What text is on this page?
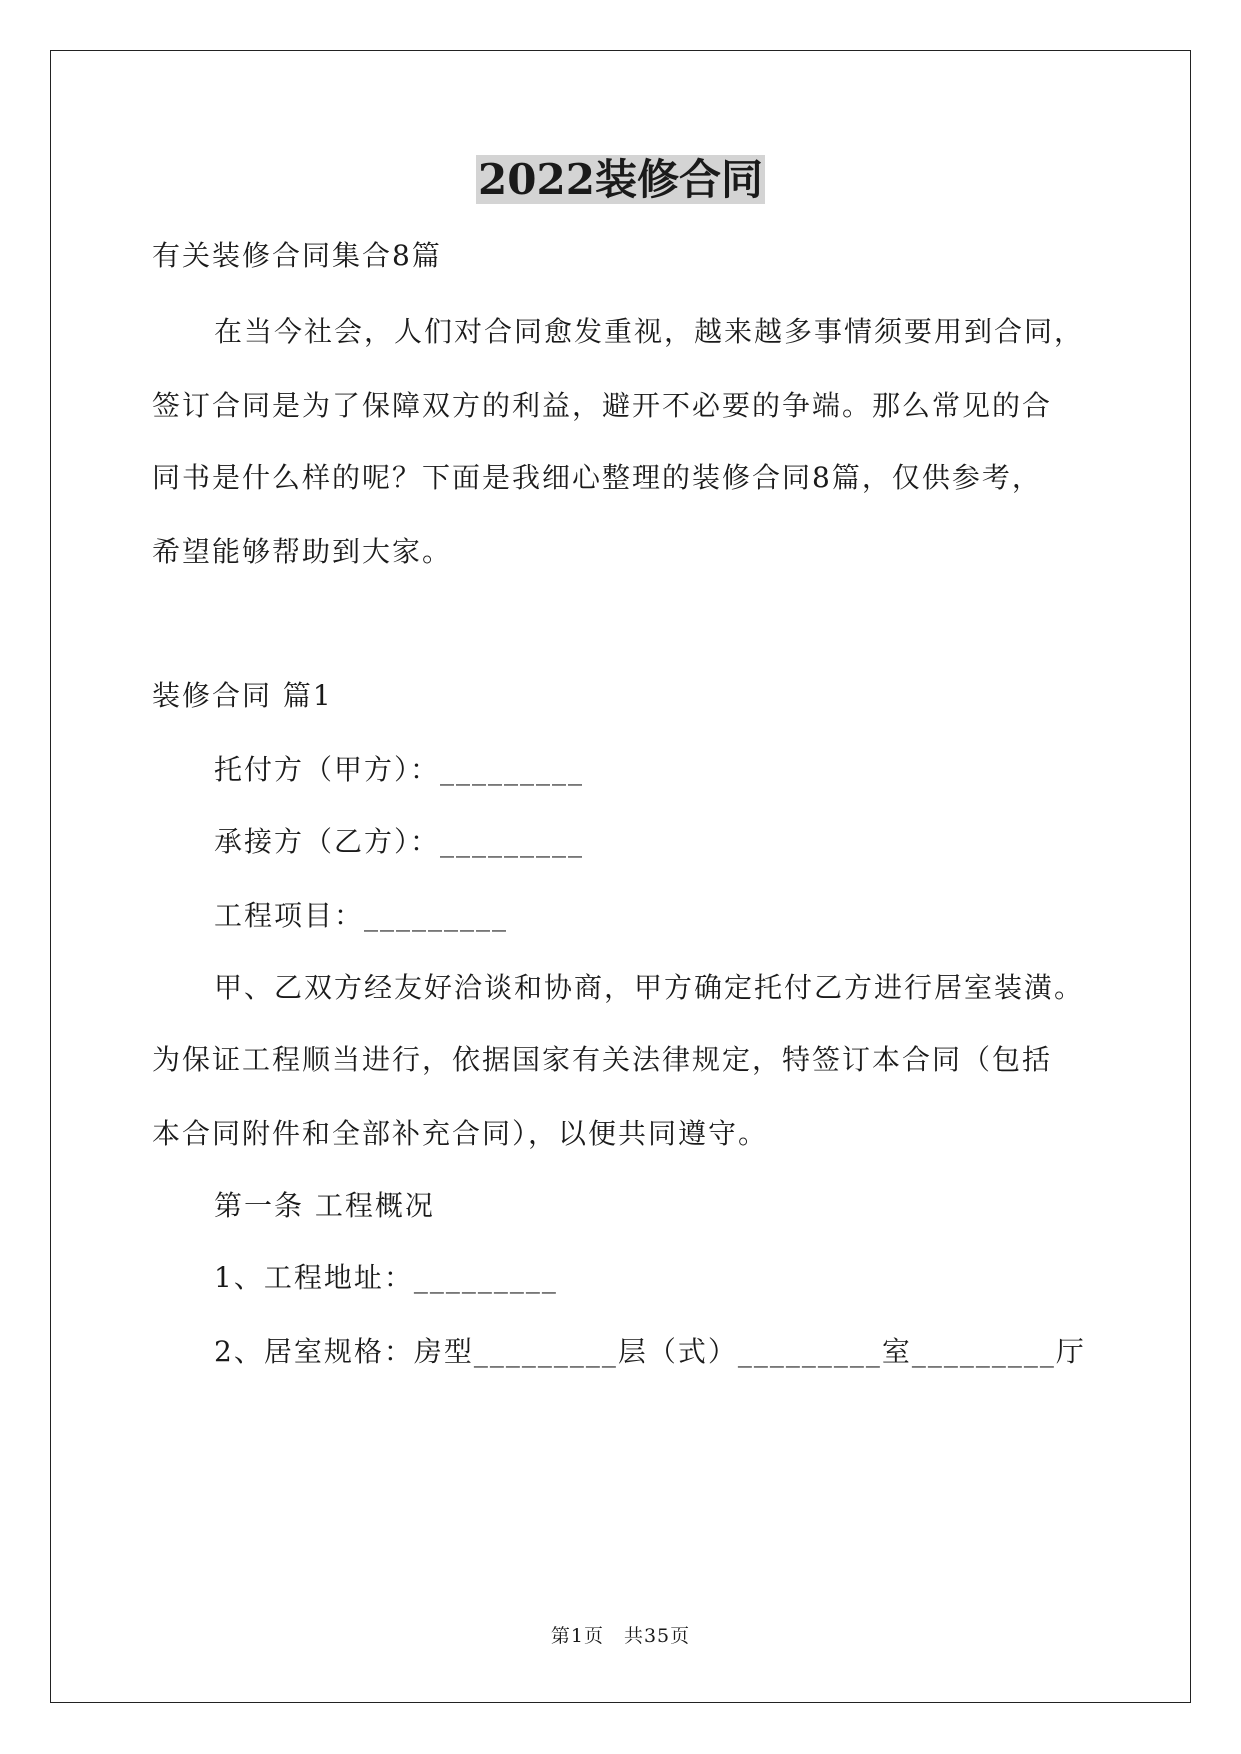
2022装修合同
有关装修合同集合8篇
在当今社会，人们对合同愈发重视，越来越多事情须要用到合同，
签订合同是为了保障双方的利益，避开不必要的争端。那么常见的合
同书是什么样的呢？下面是我细心整理的装修合同8篇，仅供参考，
希望能够帮助到大家。
装修合同 篇1
托付方（甲方）：_________
承接方（乙方）：_________
工程项目：_________
甲、乙双方经友好洽谈和协商，甲方确定托付乙方进行居室装潢。
为保证工程顺当进行，依据国家有关法律规定，特签订本合同（包括
本合同附件和全部补充合同），以便共同遵守。
第一条 工程概况
1、工程地址：_________
2、居室规格：房型_________层（式）_________室_________厅
第1页　共35页
